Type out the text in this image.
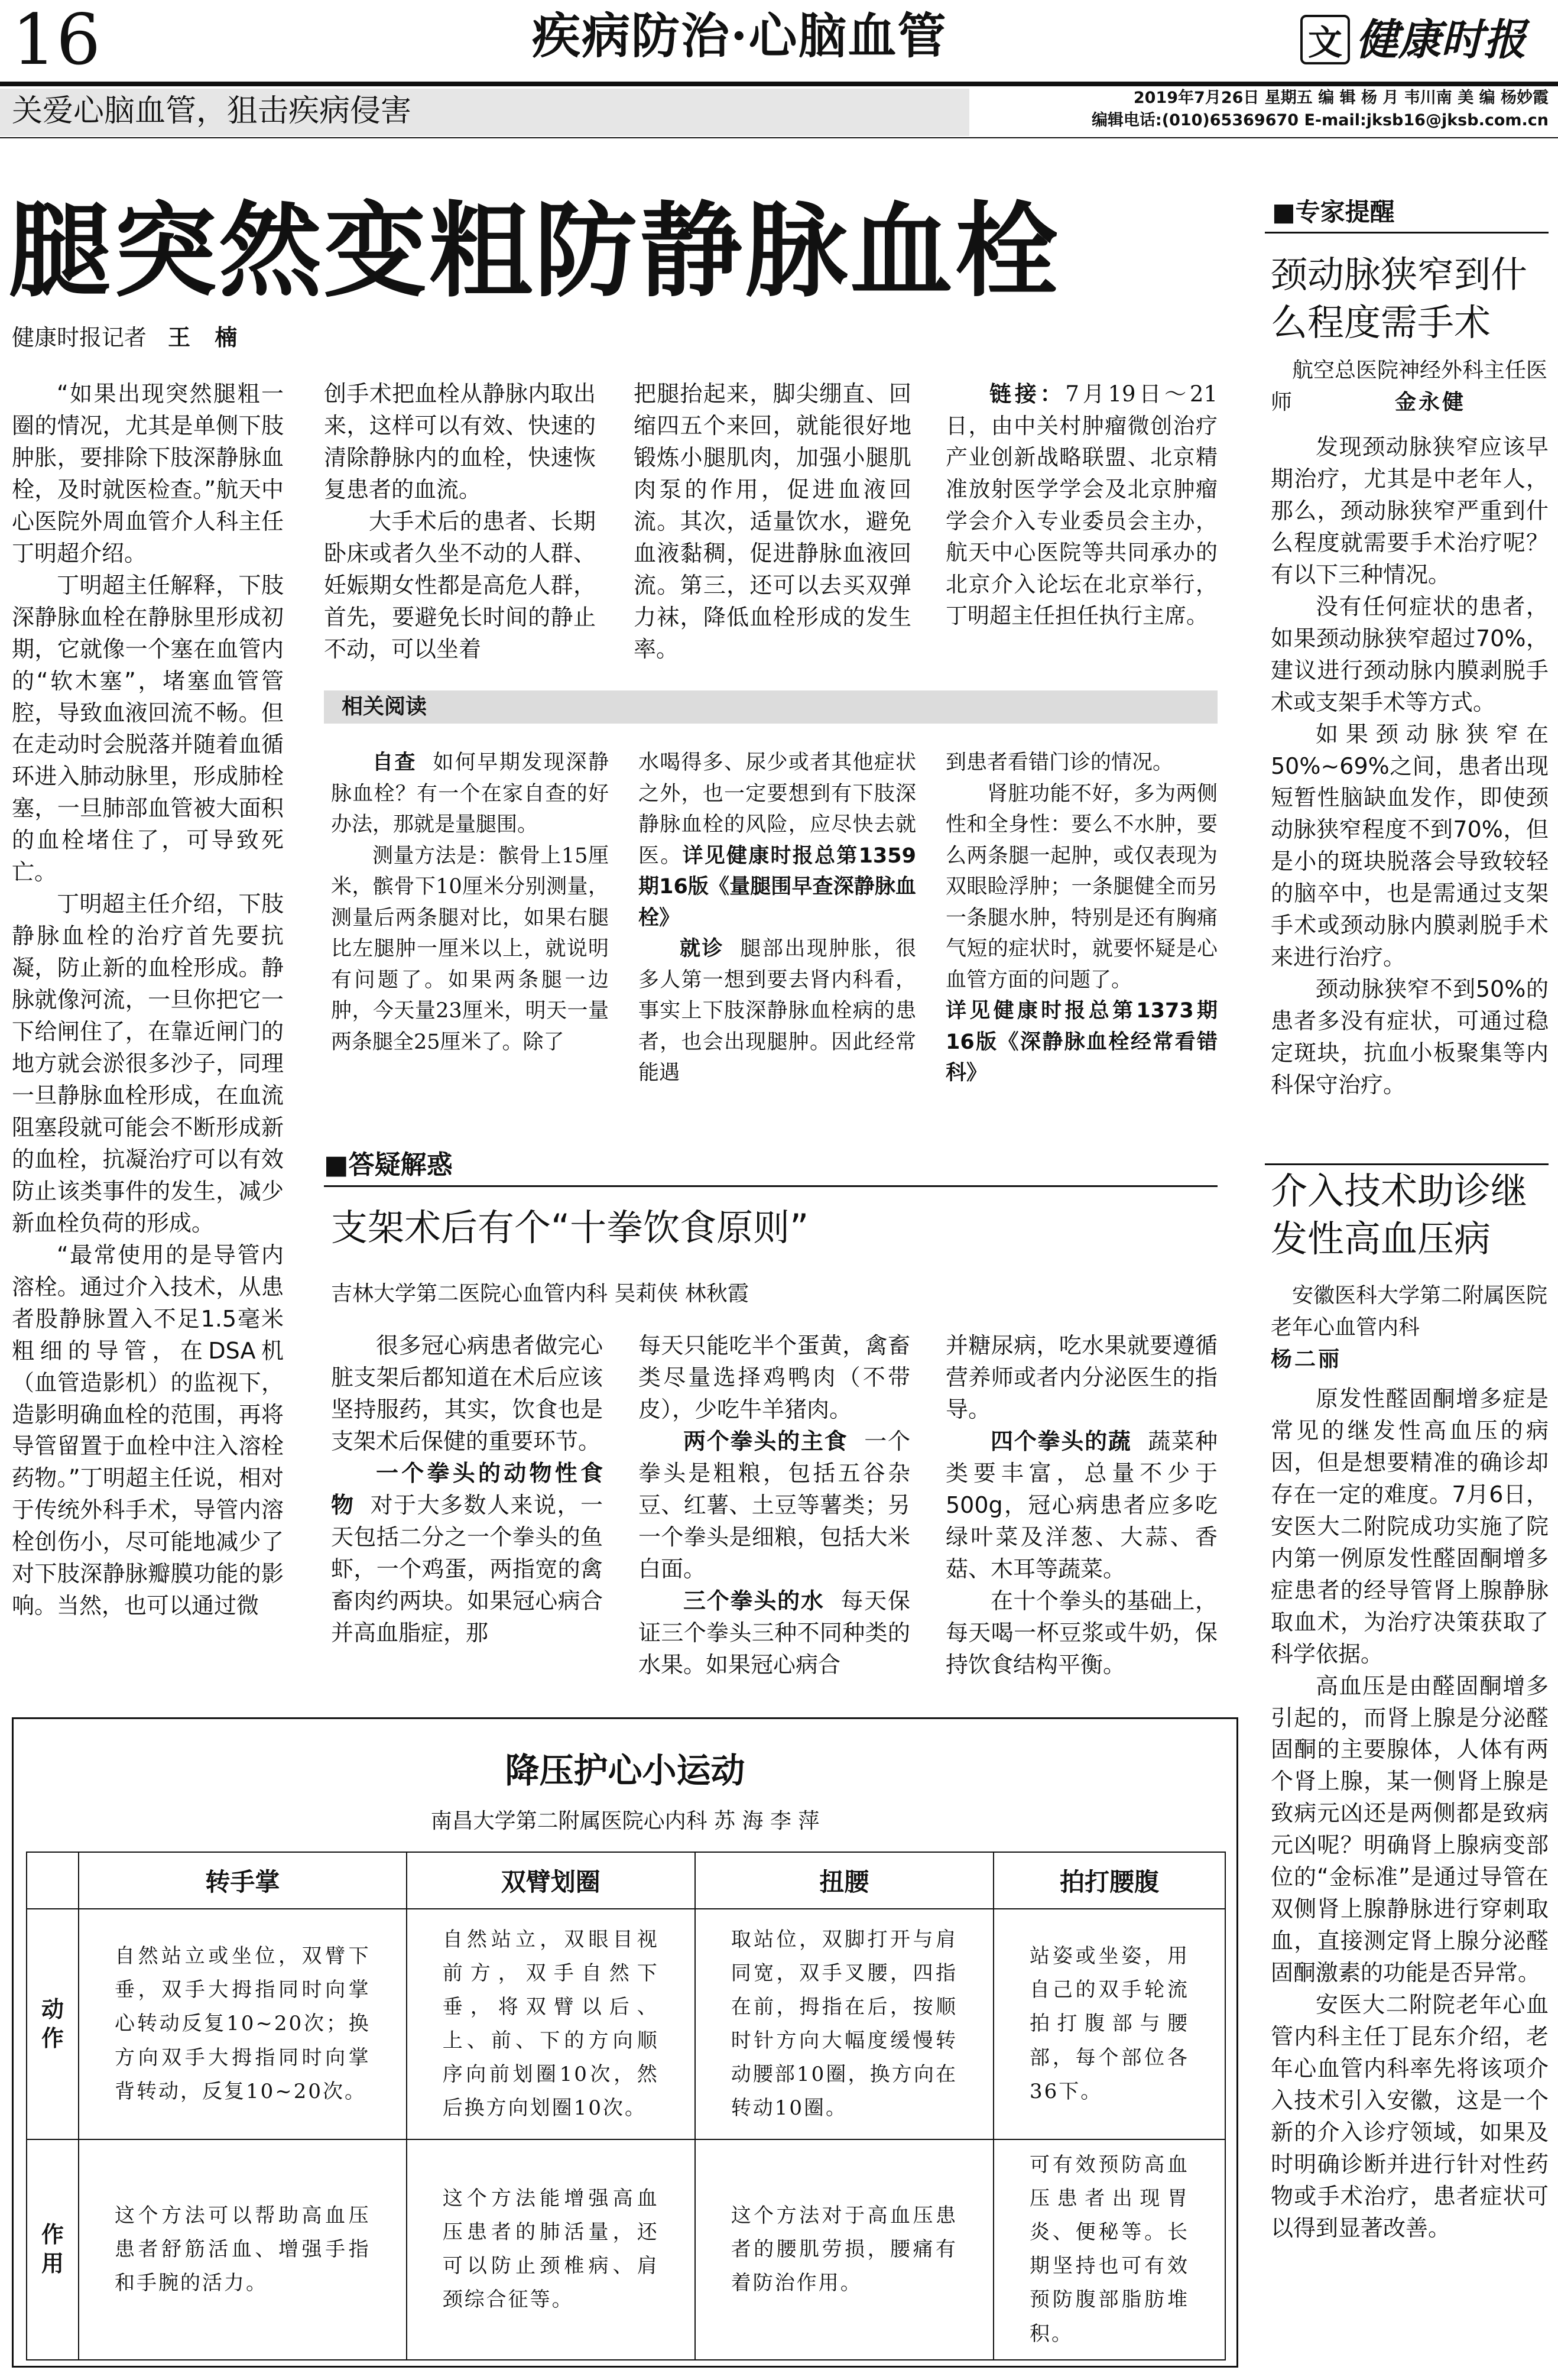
16	疾病防治·心脑血管	文 健康时报
关爱心脑血管，狙击疾病侵害	2019年7月26日 星期五 编 辑 杨 月 韦川南 美 编 杨妙霞
编辑电话:(010)65369670 E-mail:jksb16@jksb.com.cn
腿突然变粗防静脉血栓
健康时报记者 王 楠

“如果出现突然腿粗一圈的情况，尤其是单侧下肢肿胀，要排除下肢深静脉血栓，及时就医检查。”航天中心医院外周血管介人科主任丁明超介绍。

丁明超主任解释，下肢深静脉血栓在静脉里形成初期，它就像一个塞在血管内的“软木塞”，堵塞血管管腔，导致血液回流不畅。但在走动时会脱落并随着血循环进入肺动脉里，形成肺栓塞，一旦肺部血管被大面积的血栓堵住了，可导致死亡。

丁明超主任介绍，下肢静脉血栓的治疗首先要抗凝，防止新的血栓形成。静脉就像河流，一旦你把它一下给闸住了，在靠近闸门的地方就会淤很多沙子，同理一旦静脉血栓形成，在血流阻塞段就可能会不断形成新的血栓，抗凝治疗可以有效防止该类事件的发生，减少新血栓负荷的形成。

“最常使用的是导管内溶栓。通过介入技术，从患者股静脉置入不足1.5毫米粗细的导管，在DSA机（血管造影机）的监视下，造影明确血栓的范围，再将导管留置于血栓中注入溶栓药物。”丁明超主任说，相对于传统外科手术，导管内溶栓创伤小，尽可能地减少了对下肢深静脉瓣膜功能的影响。当然，也可以通过微

创手术把血栓从静脉内取出来，这样可以有效、快速的清除静脉内的血栓，快速恢复患者的血流。

大手术后的患者、长期卧床或者久坐不动的人群、妊娠期女性都是高危人群，首先，要避免长时间的静止不动，可以坐着

把腿抬起来，脚尖绷直、回缩四五个来回，就能很好地锻炼小腿肌肉，加强小腿肌肉泵的作用，促进血液回流。其次，适量饮水，避免血液黏稠，促进静脉血液回流。第三，还可以去买双弹力袜，降低血栓形成的发生率。

链接：7月19日～21日，由中关村肿瘤微创治疗产业创新战略联盟、北京精准放射医学学会及北京肿瘤学会介入专业委员会主办，航天中心医院等共同承办的北京介入论坛在北京举行，丁明超主任担任执行主席。

相关阅读

自查 如何早期发现深静脉血栓？有一个在家自查的好办法，那就是量腿围。

测量方法是：髌骨上15厘米，髌骨下10厘米分别测量，测量后两条腿对比，如果右腿比左腿肿一厘米以上，就说明有问题了。如果两条腿一边肿，今天量23厘米，明天一量两条腿全25厘米了。除了

水喝得多、尿少或者其他症状之外，也一定要想到有下肢深静脉血栓的风险，应尽快去就医。详见健康时报总第1359期16版《量腿围早查深静脉血栓》

就诊 腿部出现肿胀，很多人第一想到要去肾内科看，事实上下肢深静脉血栓病的患者，也会出现腿肿。因此经常能遇

到患者看错门诊的情况。

肾脏功能不好，多为两侧性和全身性：要么不水肿，要么两条腿一起肿，或仅表现为双眼睑浮肿；一条腿健全而另一条腿水肿，特别是还有胸痛气短的症状时，就要怀疑是心血管方面的问题了。

详见健康时报总第1373期16版《深静脉血栓经常看错科》

■答疑解惑
支架术后有个“十拳饮食原则”
吉林大学第二医院心血管内科 吴莉侠 林秋霞

很多冠心病患者做完心脏支架后都知道在术后应该坚持服药，其实，饮食也是支架术后保健的重要环节。

一个拳头的动物性食物 对于大多数人来说，一天包括二分之一个拳头的鱼虾，一个鸡蛋，两指宽的禽畜肉约两块。如果冠心病合并高血脂症，那

每天只能吃半个蛋黄，禽畜类尽量选择鸡鸭肉（不带皮），少吃牛羊猪肉。

两个拳头的主食 一个拳头是粗粮，包括五谷杂豆、红薯、土豆等薯类；另一个拳头是细粮，包括大米白面。

三个拳头的水 每天保证三个拳头三种不同种类的水果。如果冠心病合

并糖尿病，吃水果就要遵循营养师或者内分泌医生的指导。

四个拳头的蔬 蔬菜种类要丰富，总量不少于500g，冠心病患者应多吃绿叶菜及洋葱、大蒜、香菇、木耳等蔬菜。

在十个拳头的基础上，每天喝一杯豆浆或牛奶，保持饮食结构平衡。

■专家提醒
颈动脉狭窄到什么程度需手术
航空总医院神经外科主任医师	金永健

发现颈动脉狭窄应该早期治疗，尤其是中老年人，那么，颈动脉狭窄严重到什么程度就需要手术治疗呢？有以下三种情况。

没有任何症状的患者，如果颈动脉狭窄超过70%，建议进行颈动脉内膜剥脱手术或支架手术等方式。

如果颈动脉狭窄在50%~69%之间，患者出现短暂性脑缺血发作，即使颈动脉狭窄程度不到70%，但是小的斑块脱落会导致较轻的脑卒中，也是需通过支架手术或颈动脉内膜剥脱手术来进行治疗。

颈动脉狭窄不到50%的患者多没有症状，可通过稳定斑块，抗血小板聚集等内科保守治疗。

介入技术助诊继发性高血压病
安徽医科大学第二附属医院老年心血管内科
杨二丽

原发性醛固酮增多症是常见的继发性高血压的病因，但是想要精准的确诊却存在一定的难度。7月6日，安医大二附院成功实施了院内第一例原发性醛固酮增多症患者的经导管肾上腺静脉取血术，为治疗决策获取了科学依据。

高血压是由醛固酮增多引起的，而肾上腺是分泌醛固酮的主要腺体，人体有两个肾上腺，某一侧肾上腺是致病元凶还是两侧都是致病元凶呢？明确肾上腺病变部位的“金标准”是通过导管在双侧肾上腺静脉进行穿刺取血，直接测定肾上腺分泌醛固酮激素的功能是否异常。

安医大二附院老年心血管内科主任丁昆东介绍，老年心血管内科率先将该项介入技术引入安徽，这是一个新的介入诊疗领域，如果及时明确诊断并进行针对性药物或手术治疗，患者症状可以得到显著改善。

降压护心小运动
南昌大学第二附属医院心内科 苏 海 李 萍
	转手掌	双臂划圈	扭腰	拍打腰腹
动作	自然站立或坐位，双臂下垂，双手大拇指同时向掌心转动反复10~20次；换方向双手大拇指同时向掌背转动，反复10~20次。	自然站立，双眼目视前方，双手自然下垂，将双臂以后、上、前、下的方向顺序向前划圈10次，然后换方向划圈10次。	取站位，双脚打开与肩同宽，双手叉腰，四指在前，拇指在后，按顺时针方向大幅度缓慢转动腰部10圈，换方向在转动10圈。	站姿或坐姿，用自己的双手轮流拍打腹部与腰部，每个部位各36下。
作用	这个方法可以帮助高血压患者舒筋活血、增强手指和手腕的活力。	这个方法能增强高血压患者的肺活量，还可以防止颈椎病、肩颈综合征等。	这个方法对于高血压患者的腰肌劳损，腰痛有着防治作用。	可有效预防高血压患者出现胃炎、便秘等。长期坚持也可有效预防腹部脂肪堆积。
